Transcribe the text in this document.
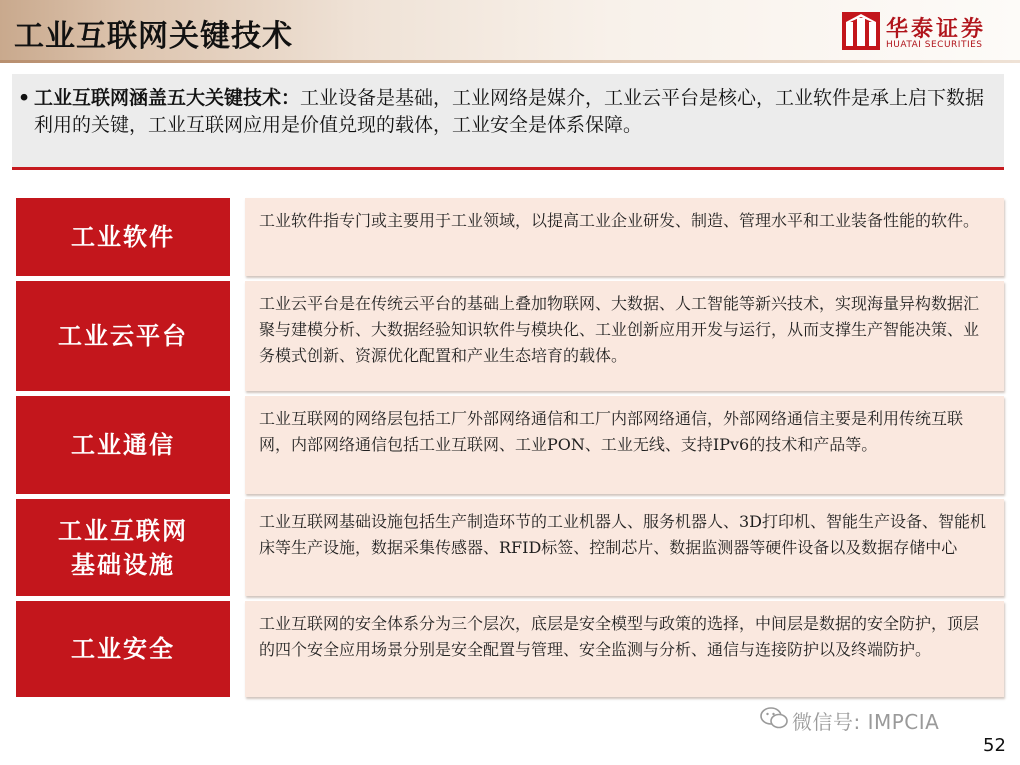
工业互联网关键技术	华泰证券
HUATAI SECURITIES
• 工业互联网涵盖五大关键技术：工业设备是基础，工业网络是媒介，工业云平台是核心，工业软件是承上启下数据利用的关键，工业互联网应用是价值兑现的载体，工业安全是体系保障。
工业软件
工业软件指专门或主要用于工业领域，以提高工业企业研发、制造、管理水平和工业装备性能的软件。
工业云平台
工业云平台是在传统云平台的基础上叠加物联网、大数据、人工智能等新兴技术，实现海量异构数据汇聚与建模分析、大数据经验知识软件与模块化、工业创新应用开发与运行，从而支撑生产智能决策、业务模式创新、资源优化配置和产业生态培育的载体。
工业通信
工业互联网的网络层包括工厂外部网络通信和工厂内部网络通信，外部网络通信主要是利用传统互联网，内部网络通信包括工业互联网、工业PON、工业无线、支持IPv6的技术和产品等。
工业互联网
基础设施
工业互联网基础设施包括生产制造环节的工业机器人、服务机器人、3D打印机、智能生产设备、智能机床等生产设施，数据采集传感器、RFID标签、控制芯片、数据监测器等硬件设备以及数据存储中心
工业安全
工业互联网的安全体系分为三个层次，底层是安全模型与政策的选择，中间层是数据的安全防护，顶层的四个安全应用场景分别是安全配置与管理、安全监测与分析、通信与连接防护以及终端防护。
微信号: IMPCIA
52
